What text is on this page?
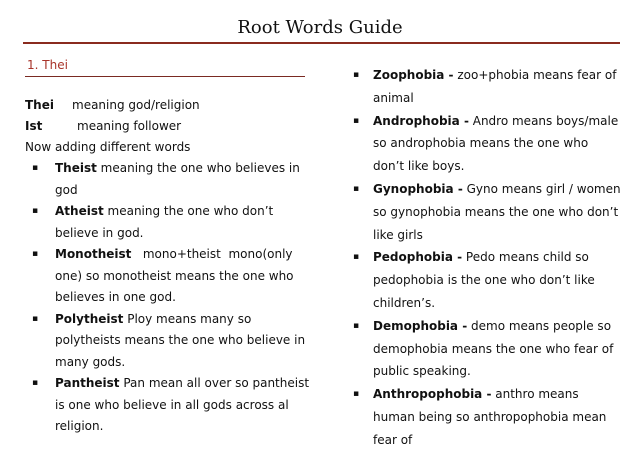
Root Words Guide
1. Thei
Thei meaning god/religion
Ist	meaning follower
Now adding different words
▪ Theist meaning the one who believes in god
▪ Atheist meaning the one who don’t believe in god.
▪ Monotheist   mono+theist  mono(only one) so monotheist means the one who believes in one god.
▪ Polytheist Ploy means many so polytheists means the one who believe in many gods.
▪ Pantheist Pan mean all over so pantheist is one who believe in all gods across al religion.
▪ Zoophobia - zoo+phobia means fear of animal
▪ Androphobia - Andro means boys/male so androphobia means the one who don’t like boys.
▪ Gynophobia - Gyno means girl / women so gynophobia means the one who don’t like girls
▪ Pedophobia - Pedo means child so pedophobia is the one who don’t like children’s.
▪ Demophobia - demo means people so demophobia means the one who fear of public speaking.
▪ Anthropophobia - anthro means human being so anthropophobia mean fear of
